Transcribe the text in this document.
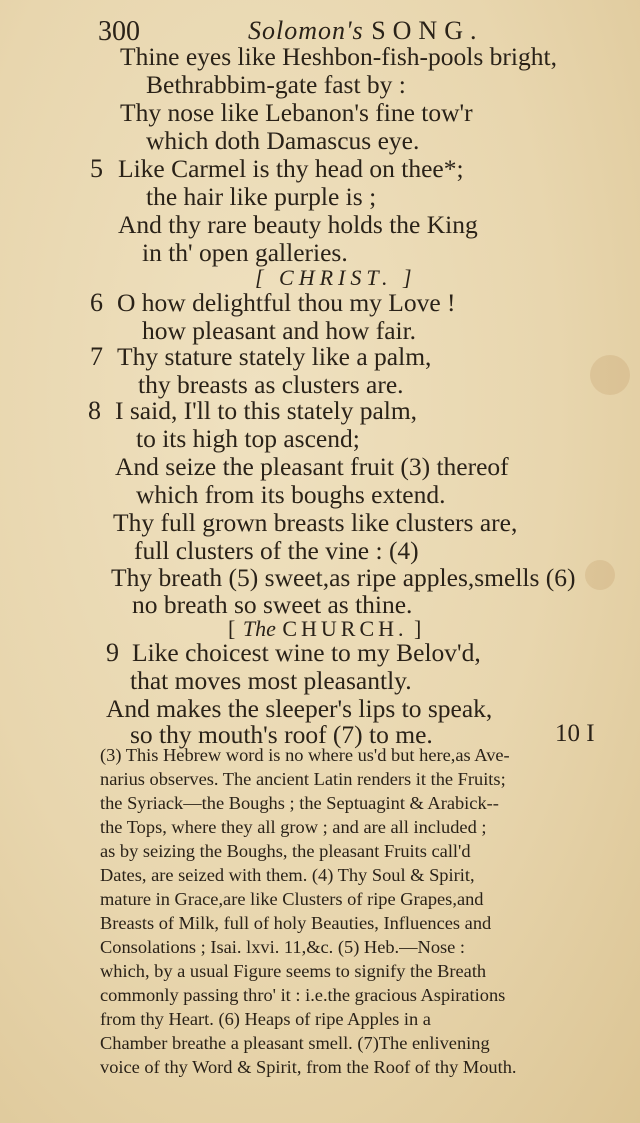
300	Solomon's SONG.
Thine eyes like Heshbon-fish-pools bright,
Bethrabbim-gate fast by :
Thy nose like Lebanon's fine tow'r
which doth Damascus eye.
5 Like Carmel is thy head on thee*;
the hair like purple is ;
And thy rare beauty holds the King
in th' open galleries.
[ CHRIST. ]
6 O how delightful thou my Love !
how pleasant and how fair.
7 Thy stature stately like a palm,
thy breasts as clusters are.
8 I said, I'll to this stately palm,
to its high top ascend;
And seize the pleasant fruit (3) thereof
which from its boughs extend.
Thy full grown breasts like clusters are,
full clusters of the vine : (4)
Thy breath (5) sweet,as ripe apples,smells (6)
no breath so sweet as thine.
[ The CHURCH. ]
9 Like choicest wine to my Belov'd,
that moves most pleasantly.
And makes the sleeper's lips to speak,
so thy mouth's roof (7) to me.	10 I
(3) This Hebrew word is no where us'd but here,as Ave-
narius observes. The ancient Latin renders it the Fruits;
the Syriack—the Boughs ; the Septuagint & Arabick--
the Tops, where they all grow ; and are all included ;
as by seizing the Boughs, the pleasant Fruits call'd
Dates, are seized with them. (4) Thy Soul & Spirit,
mature in Grace,are like Clusters of ripe Grapes,and
Breasts of Milk, full of holy Beauties, Influences and
Consolations ; Isai. lxvi. 11,&c. (5) Heb.—Nose :
which, by a usual Figure seems to signify the Breath
commonly passing thro' it : i.e.the gracious Aspirations
from thy Heart. (6) Heaps of ripe Apples in a
Chamber breathe a pleasant smell. (7)The enlivening
voice of thy Word & Spirit, from the Roof of thy Mouth.
